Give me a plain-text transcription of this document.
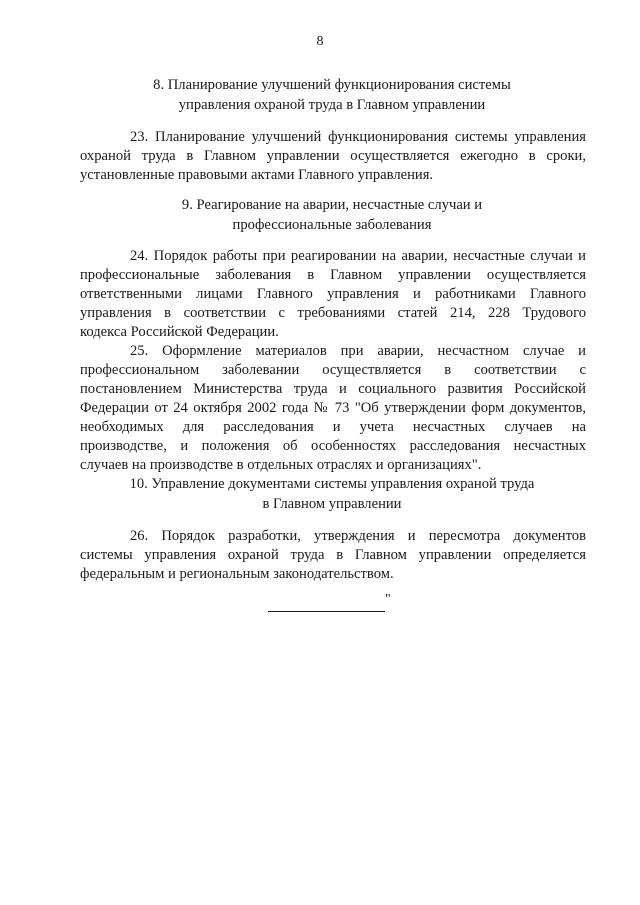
8
8. Планирование улучшений функционирования системы
управления охраной труда в Главном управлении
23. Планирование улучшений функционирования системы управления
охраной труда в Главном управлении осуществляется ежегодно в сроки,
установленные правовыми актами Главного управления.
9. Реагирование на аварии, несчастные случаи и
профессиональные заболевания
24. Порядок работы при реагировании на аварии, несчастные случаи и
профессиональные заболевания в Главном управлении осуществляется
ответственными лицами Главного управления и работниками Главного
управления в соответствии с требованиями статей 214, 228 Трудового
кодекса Российской Федерации.
25. Оформление материалов при аварии, несчастном случае и
профессиональном заболевании осуществляется в соответствии с
постановлением Министерства труда и социального развития Российской
Федерации от 24 октября 2002 года № 73 "Об утверждении форм документов,
необходимых для расследования и учета несчастных случаев на
производстве, и положения об особенностях расследования несчастных
случаев на производстве в отдельных отраслях и организациях".
10. Управление документами системы управления охраной труда
в Главном управлении
26. Порядок разработки, утверждения и пересмотра документов
системы управления охраной труда в Главном управлении определяется
федеральным и региональным законодательством.
"
